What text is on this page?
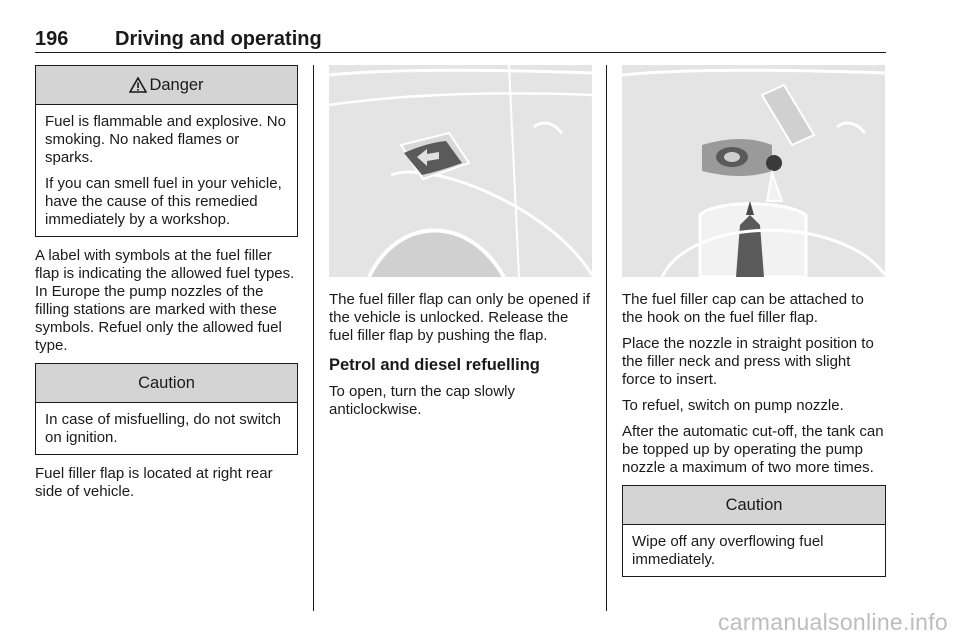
196 Driving and operating
Danger

Fuel is flammable and explosive. No smoking. No naked flames or sparks.

If you can smell fuel in your vehicle, have the cause of this remedied immediately by a workshop.

A label with symbols at the fuel filler flap is indicating the allowed fuel types. In Europe the pump nozzles of the filling stations are marked with these symbols. Refuel only the allowed fuel type.

Caution

In case of misfuelling, do not switch on ignition.

Fuel filler flap is located at right rear side of vehicle.

The fuel filler flap can only be opened if the vehicle is unlocked. Release the fuel filler flap by pushing the flap.

Petrol and diesel refuelling

To open, turn the cap slowly anticlockwise.

The fuel filler cap can be attached to the hook on the fuel filler flap.

Place the nozzle in straight position to the filler neck and press with slight force to insert.

To refuel, switch on pump nozzle.

After the automatic cut-off, the tank can be topped up by operating the pump nozzle a maximum of two more times.

Caution

Wipe off any overflowing fuel immediately.

carmanualsonline.info
